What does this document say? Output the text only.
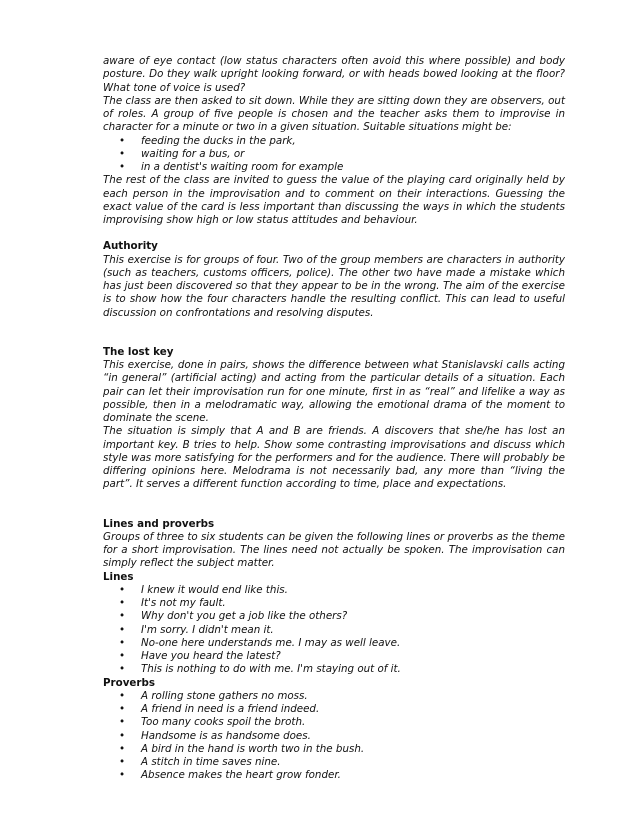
aware of eye contact (low status characters often avoid this where possible) and body posture. Do they walk upright looking forward, or with heads bowed looking at the floor? What tone of voice is used?

The class are then asked to sit down. While they are sitting down they are observers, out of roles. A group of five people is chosen and the teacher asks them to improvise in character for a minute or two in a given situation. Suitable situations might be:

• feeding the ducks in the park,
• waiting for a bus, or
• in a dentist's waiting room for example

The rest of the class are invited to guess the value of the playing card originally held by each person in the improvisation and to comment on their interactions. Guessing the exact value of the card is less important than discussing the ways in which the students improvising show high or low status attitudes and behaviour.

Authority

This exercise is for groups of four. Two of the group members are characters in authority (such as teachers, customs officers, police). The other two have made a mistake which has just been discovered so that they appear to be in the wrong. The aim of the exercise is to show how the four characters handle the resulting conflict. This can lead to useful discussion on confrontations and resolving disputes.

The lost key

This exercise, done in pairs, shows the difference between what Stanislavski calls acting “in general” (artificial acting) and acting from the particular details of a situation. Each pair can let their improvisation run for one minute, first in as “real” and lifelike a way as possible, then in a melodramatic way, allowing the emotional drama of the moment to dominate the scene.

The situation is simply that A and B are friends. A discovers that she/he has lost an important key. B tries to help. Show some contrasting improvisations and discuss which style was more satisfying for the performers and for the audience. There will probably be differing opinions here. Melodrama is not necessarily bad, any more than “living the part”. It serves a different function according to time, place and expectations.

Lines and proverbs

Groups of three to six students can be given the following lines or proverbs as the theme for a short improvisation. The lines need not actually be spoken. The improvisation can simply reflect the subject matter.

Lines

• I knew it would end like this.
• It's not my fault.
• Why don't you get a job like the others?
• I'm sorry. I didn't mean it.
• No-one here understands me. I may as well leave.
• Have you heard the latest?
• This is nothing to do with me. I'm staying out of it.

Proverbs

• A rolling stone gathers no moss.
• A friend in need is a friend indeed.
• Too many cooks spoil the broth.
• Handsome is as handsome does.
• A bird in the hand is worth two in the bush.
• A stitch in time saves nine.
• Absence makes the heart grow fonder.
